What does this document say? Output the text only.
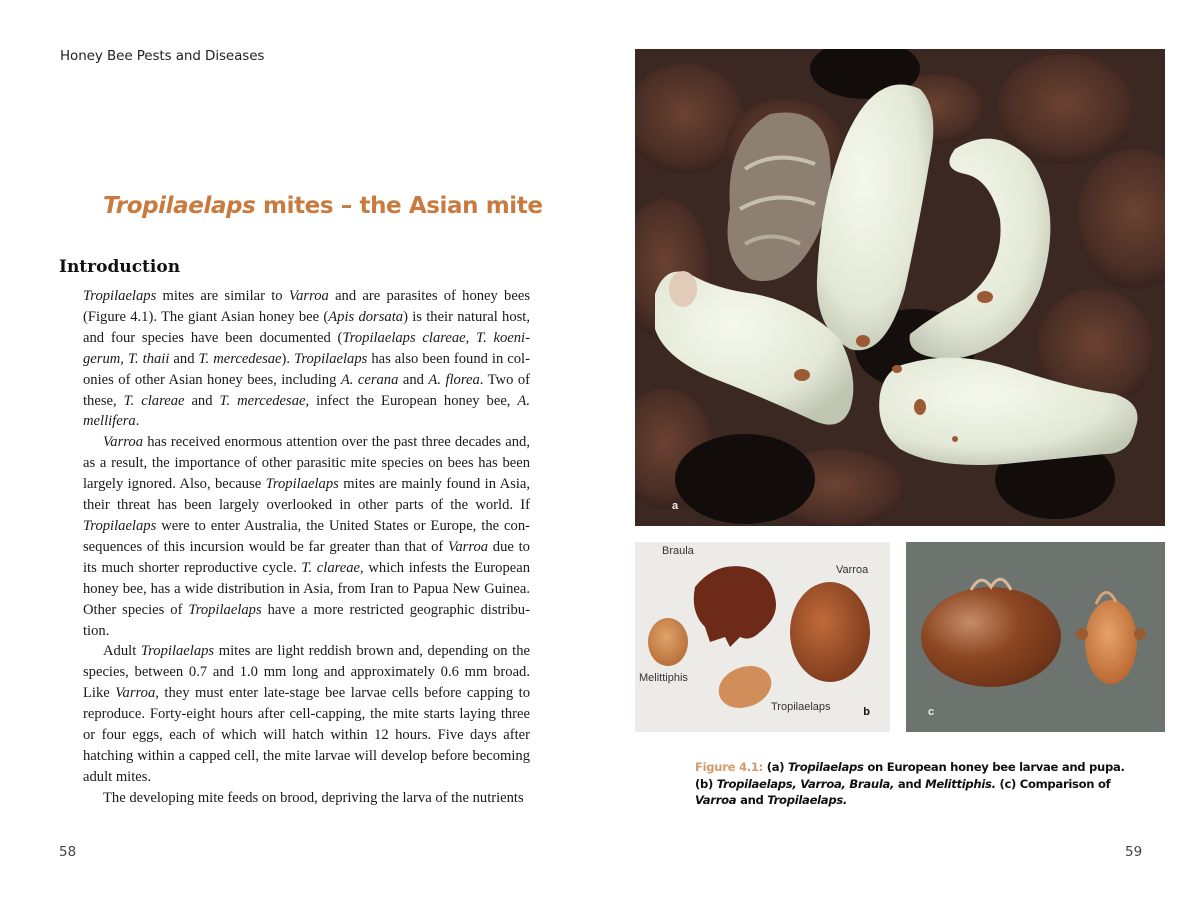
Honey Bee Pests and Diseases
Tropilaelaps mites – the Asian mite
Introduction

Tropilaelaps mites are similar to Varroa and are parasites of honey bees (Figure 4.1). The giant Asian honey bee (Apis dorsata) is their natural host, and four species have been documented (Tropilaelaps clareae, T. koenigerum, T. thaii and T. mercedesae). Tropilaelaps has also been found in colonies of other Asian honey bees, including A. cerana and A. florea. Two of these, T. clareae and T. mercedesae, infect the European honey bee, A. mellifera.

Varroa has received enormous attention over the past three decades and, as a result, the importance of other parasitic mite species on bees has been largely ignored. Also, because Tropilaelaps mites are mainly found in Asia, their threat has been largely overlooked in other parts of the world. If Tropilaelaps were to enter Australia, the United States or Europe, the consequences of this incursion would be far greater than that of Varroa due to its much shorter reproductive cycle. T. clareae, which infests the European honey bee, has a wide distribution in Asia, from Iran to Papua New Guinea. Other species of Tropilaelaps have a more restricted geographic distribution.

Adult Tropilaelaps mites are light reddish brown and, depending on the species, between 0.7 and 1.0 mm long and approximately 0.6 mm broad. Like Varroa, they must enter late-stage bee larvae cells before capping to reproduce. Forty-eight hours after cell-capping, the mite starts laying three or four eggs, each of which will hatch within 12 hours. Five days after hatching within a capped cell, the mite larvae will develop before becoming adult mites.

The developing mite feeds on brood, depriving the larva of the nutrients

58
a
Braula
Varroa
Melittiphis
Tropilaelaps	b	c
Figure 4.1: (a) Tropilaelaps on European honey bee larvae and pupa. (b) Tropilaelaps, Varroa, Braula, and Melittiphis. (c) Comparison of Varroa and Tropilaelaps.
59
